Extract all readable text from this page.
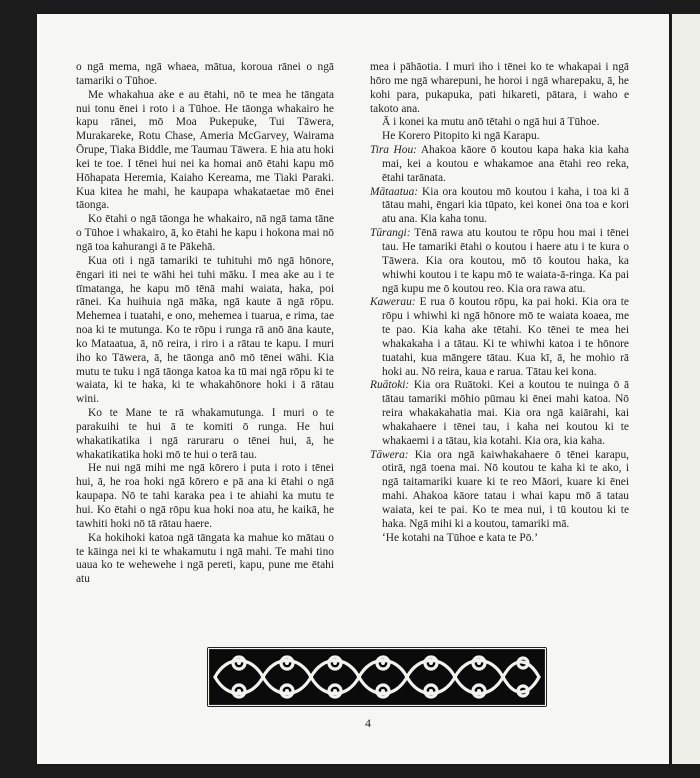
o ngā mema, ngā whaea, mātua, koroua rānei o ngā tamariki o Tūhoe.

Me whakahua ake e au ētahi, nō te mea he tāngata nui tonu ēnei i roto i a Tūhoe. He tāonga whakairo he kapu rānei, mō Moa Pukepuke, Tui Tāwera, Murakareke, Rotu Chase, Ameria McGarvey, Wairama Ōrupe, Tiaka Biddle, me Taumau Tāwera. E hia atu hoki kei te toe. I tēnei hui nei ka homai anō ētahi kapu mō Hōhapata Heremia, Kaiaho Kereama, me Tiaki Paraki. Kua kitea he mahi, he kaupapa whakataetae mō ēnei tāonga.

Ko ētahi o ngā tāonga he whakairo, nā ngā tama tāne o Tūhoe i whakairo, ā, ko ētahi he kapu i hokona mai nō ngā toa kahurangi ā te Pākehā.

Kua oti i ngā tamariki te tuhituhi mō ngā hōnore, ēngari iti nei te wāhi hei tuhi māku. I mea ake au i te tīmatanga, he kapu mō tēnā mahi waiata, haka, poi rānei. Ka huihuia ngā māka, ngā kaute ā ngā rōpu. Mehemea i tuatahi, e ono, mehemea i tuarua, e rima, tae noa ki te mutunga. Ko te rōpu i runga rā anō āna kaute, ko Mataatua, ā, nō reira, i riro i a rātau te kapu. I muri iho ko Tāwera, ā, he tāonga anō mō tēnei wāhi. Kia mutu te tuku i ngā tāonga katoa ka tū mai ngā rōpu ki te waiata, ki te haka, ki te whakahōnore hoki i ā rātau wini.

Ko te Mane te rā whakamutunga. I muri o te parakuihi te hui ā te komiti ō runga. He hui whakatikatika i ngā raruraru o tēnei hui, ā, he whakatikatika hoki mō te hui o terā tau.

He nui ngā mihi me ngā kōrero i puta i roto i tēnei hui, ā, he roa hoki ngā kōrero e pā ana ki ētahi o ngā kaupapa. Nō te tahi karaka pea i te ahiahi ka mutu te hui. Ko ētahi o ngā rōpu kua hoki noa atu, he kaikā, he tawhiti hoki nō tā rātau haere.

Ka hokihoki katoa ngā tāngata ka mahue ko mātau o te kāinga nei ki te whakamutu i ngā mahi. Te mahi tino uaua ko te wehewehe i ngā pereti, kapu, pune me ētahi atu

mea i pāhāotia. I muri iho i tēnei ko te whakapai i ngā hōro me ngā wharepuni, he horoi i ngā wharepaku, ā, he kohi para, pukapuka, pati hikareti, pātara, i waho e takoto ana.

Ā i konei ka mutu anō tētahi o ngā hui ā Tūhoe.

He Korero Pitopito ki ngā Karapu.

Tira Hou: Ahakoa kāore ō koutou kapa haka kia kaha mai, kei a koutou e whakamoe ana ētahi reo reka, ētahi tarānata.

Mātaatua: Kia ora koutou mō koutou i kaha, i toa ki ā tātau mahi, ēngari kia tūpato, kei konei ōna toa e kori atu ana. Kia kaha tonu.

Tūrangi: Tēnā rawa atu koutou te rōpu hou mai i tēnei tau. He tamariki ētahi o koutou i haere atu i te kura o Tāwera. Kia ora koutou, mō tō koutou haka, ka whiwhi koutou i te kapu mō te waiata-ā-ringa. Ka pai ngā kupu me ō koutou reo. Kia ora rawa atu.

Kawerau: E rua ō koutou rōpu, ka pai hoki. Kia ora te rōpu i whiwhi ki ngā hōnore mō te waiata koaea, me te pao. Kia kaha ake tētahi. Ko tēnei te mea hei whakakaha i a tātau. Ki te whiwhi katoa i te hōnore tuatahi, kua māngere tātau. Kua kī, ā, he mohio rā hoki au. Nō reira, kaua e rarua. Tātau kei kona.

Ruātoki: Kia ora Ruātoki. Kei a koutou te nuinga ō ā tātau tamariki mōhio pūmau ki ēnei mahi katoa. Nō reira whakakahatia mai. Kia ora ngā kaiārahi, kai whakahaere i tēnei tau, i kaha nei koutou ki te whakaemi i a tātau, kia kotahi. Kia ora, kia kaha.

Tāwera: Kia ora ngā kaiwhakahaere ō tēnei karapu, otirā, ngā toena mai. Nō koutou te kaha ki te ako, i ngā taitamariki kuare ki te reo Māori, kuare ki ēnei mahi. Ahakoa kāore tatau i whai kapu mō ā tatau waiata, kei te pai. Ko te mea nui, i tū koutou ki te haka. Ngā mihi ki a koutou, tamariki mā.

‘He kotahi na Tūhoe e kata te Pō.’

4
